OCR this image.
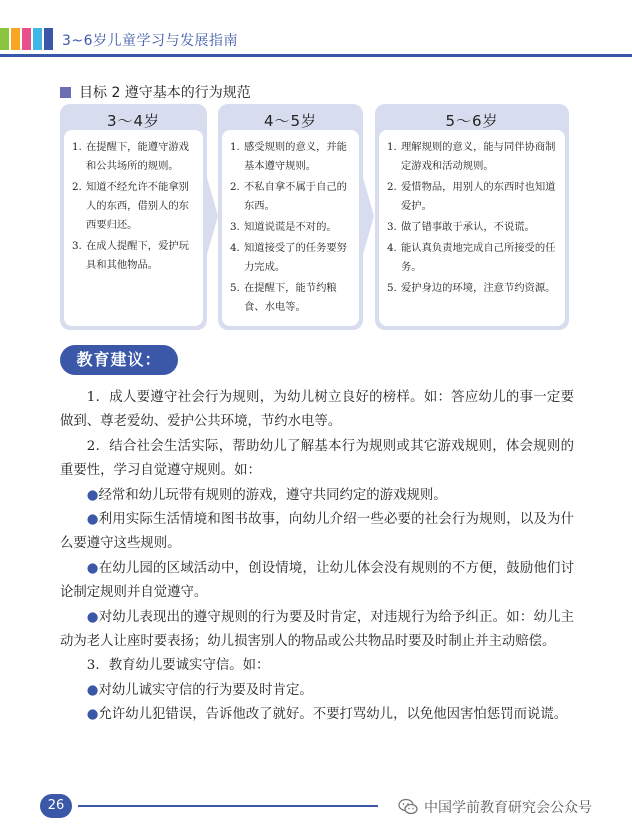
3~6岁儿童学习与发展指南
目标 2 遵守基本的行为规范
3～4岁
1. 在提醒下，能遵守游戏和公共场所的规则。
2. 知道不经允许不能拿别人的东西，借别人的东西要归还。
3. 在成人提醒下，爱护玩具和其他物品。
4～5岁
1. 感受规则的意义，并能基本遵守规则。
2. 不私自拿不属于自己的东西。
3. 知道说谎是不对的。
4. 知道接受了的任务要努力完成。
5. 在提醒下，能节约粮食、水电等。
5～6岁
1. 理解规则的意义，能与同伴协商制定游戏和活动规则。
2. 爱惜物品，用别人的东西时也知道爱护。
3. 做了错事敢于承认，不说谎。
4. 能认真负责地完成自己所接受的任务。
5. 爱护身边的环境，注意节约资源。
教育建议：

1．成人要遵守社会行为规则，为幼儿树立良好的榜样。如：答应幼儿的事一定要做到、尊老爱幼、爱护公共环境，节约水电等。

2．结合社会生活实际，帮助幼儿了解基本行为规则或其它游戏规则，体会规则的重要性，学习自觉遵守规则。如：

●经常和幼儿玩带有规则的游戏，遵守共同约定的游戏规则。

●利用实际生活情境和图书故事，向幼儿介绍一些必要的社会行为规则，以及为什么要遵守这些规则。

●在幼儿园的区域活动中，创设情境，让幼儿体会没有规则的不方便，鼓励他们讨论制定规则并自觉遵守。

●对幼儿表现出的遵守规则的行为要及时肯定，对违规行为给予纠正。如：幼儿主动为老人让座时要表扬；幼儿损害别人的物品或公共物品时要及时制止并主动赔偿。

3．教育幼儿要诚实守信。如：

●对幼儿诚实守信的行为要及时肯定。

●允许幼儿犯错误，告诉他改了就好。不要打骂幼儿，以免他因害怕惩罚而说谎。

26	中国学前教育研究会公众号
